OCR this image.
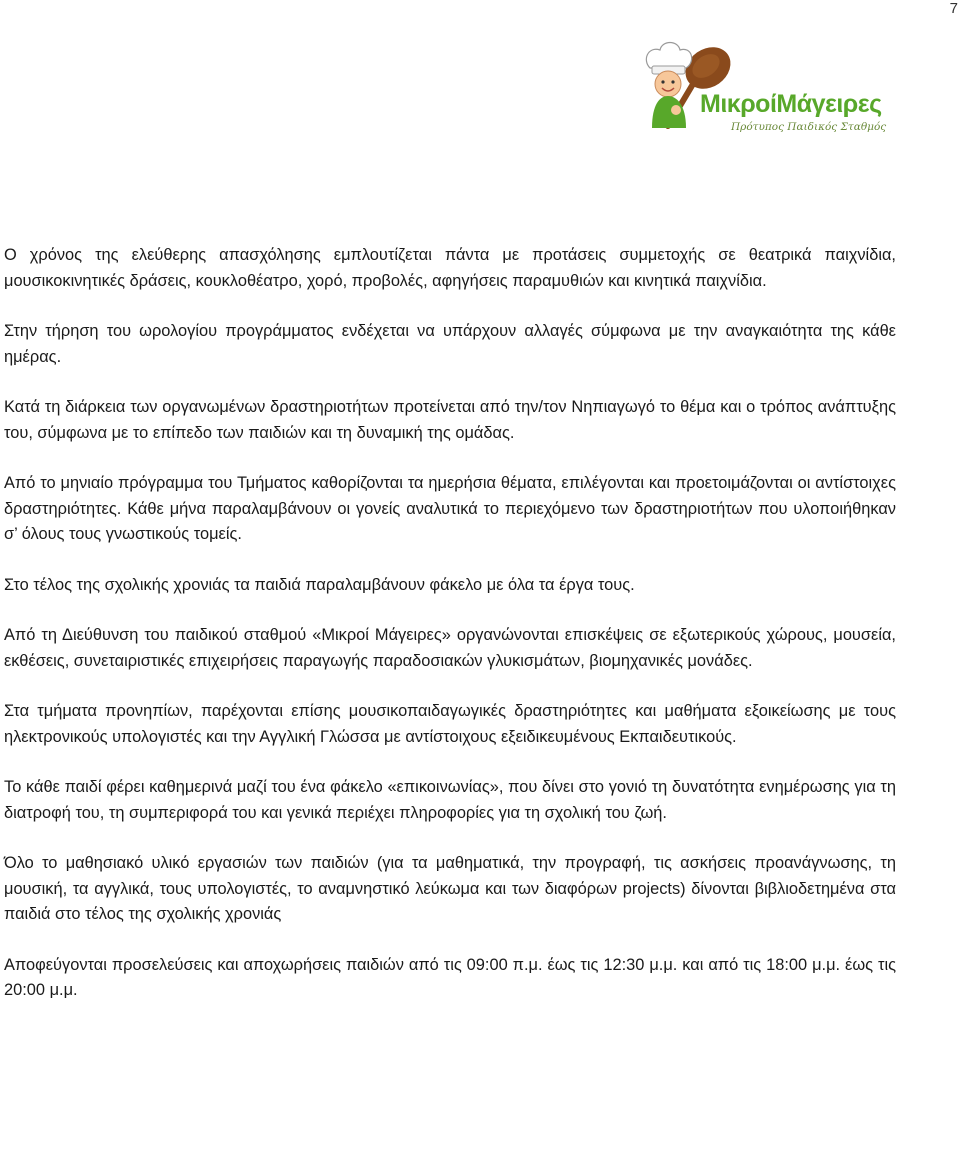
7
ΜικροίΜάγειρες
Πρότυπος Παιδικός Σταθμός

Ο χρόνος της ελεύθερης απασχόλησης εμπλουτίζεται πάντα με προτάσεις συμμετοχής σε θεατρικά παιχνίδια, μουσικοκινητικές δράσεις, κουκλοθέατρο, χορό, προβολές, αφηγήσεις παραμυθιών και κινητικά παιχνίδια.

Στην τήρηση του ωρολογίου προγράμματος ενδέχεται να υπάρχουν αλλαγές σύμφωνα με την αναγκαιότητα της κάθε ημέρας.

Κατά τη διάρκεια των οργανωμένων δραστηριοτήτων προτείνεται από την/τον Νηπιαγωγό το θέμα και ο τρόπος ανάπτυξης του, σύμφωνα με το επίπεδο των παιδιών και τη δυναμική της ομάδας.

Από το μηνιαίο πρόγραμμα του Τμήματος καθορίζονται τα ημερήσια θέματα, επιλέγονται και προετοιμάζονται οι αντίστοιχες δραστηριότητες. Κάθε μήνα παραλαμβάνουν οι γονείς αναλυτικά το περιεχόμενο των δραστηριοτήτων που υλοποιήθηκαν σ’ όλους τους γνωστικούς τομείς.

Στο τέλος της σχολικής χρονιάς τα παιδιά παραλαμβάνουν φάκελο με όλα τα έργα τους.

Από τη Διεύθυνση του παιδικού σταθμού «Μικροί Μάγειρες» οργανώνονται επισκέψεις σε εξωτερικούς χώρους, μουσεία, εκθέσεις, συνεταιριστικές επιχειρήσεις παραγωγής παραδοσιακών γλυκισμάτων, βιομηχανικές μονάδες.

Στα τμήματα προνηπίων, παρέχονται επίσης μουσικοπαιδαγωγικές δραστηριότητες και μαθήματα εξοικείωσης με τους ηλεκτρονικούς υπολογιστές και την Αγγλική Γλώσσα με αντίστοιχους εξειδικευμένους Εκπαιδευτικούς.

Το κάθε παιδί φέρει καθημερινά μαζί του ένα φάκελο «επικοινωνίας», που δίνει στο γονιό τη δυνατότητα ενημέρωσης για τη διατροφή του, τη συμπεριφορά του και γενικά περιέχει πληροφορίες για τη σχολική του ζωή.

Όλο το μαθησιακό υλικό εργασιών των παιδιών (για τα μαθηματικά, την προγραφή, τις ασκήσεις προανάγνωσης, τη μουσική, τα αγγλικά, τους υπολογιστές, το αναμνηστικό λεύκωμα και των διαφόρων projects) δίνονται βιβλιοδετημένα στα παιδιά στο τέλος της σχολικής χρονιάς

Αποφεύγονται προσελεύσεις και αποχωρήσεις παιδιών από τις 09:00 π.μ. έως τις 12:30 μ.μ. και από τις 18:00 μ.μ. έως τις 20:00 μ.μ.
